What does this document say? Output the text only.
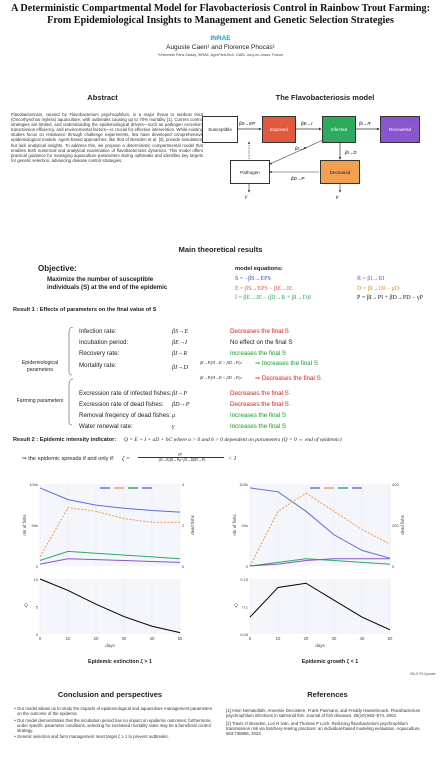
A Deterministic Compartmental Model for Flavobacteriosis Control in Rainbow Trout Farming:
From Epidemiological Insights to Management and Genetic Selection Strategies
INRAE
Auguste Caen¹ and Florence Phocas¹
¹Université Paris-Saclay, INRAE, AgroParisTech, GABI, Jouy-en-Josas, France
Abstract
Flavobacteriosis, caused by Flavobacterium psychrophilum, is a major threat to rainbow trout (Oncorhynchus mykiss) aquaculture, with outbreaks causing up to 70% mortality [1]. Current control strategies are limited, and understanding the epidemiological drivers—such as pathogen excretion, transmission efficiency, and environmental factors—is crucial for effective intervention. While existing studies focus on resistance through challenge experiments, few have developed comprehensive epidemiological models. Agent-based approaches, like that of Brenden et al. [2], provide simulations but lack analytical insights. To address this, we propose a deterministic compartmental model that enables both numerical and analytical examination of flavobacteriosis dynamics. This model offers practical guidance for managing aquaculture parameters during outbreaks and identifies key targets for genetic selection, advancing disease control strategies.
The Flavobacteriosis model
Susceptible	Exposed	Infected	Recovered
Pathogen	Deceased
βS→EP	βE→I	βI→R
βI→P
βI→D
βD→P
γ	μ
Main theoretical results
Objective:
Maximize the number of susceptible
individuals (S) at the end of the epidemic
model equations:
Ṡ = −βS→EPS
Ė = βS→EPS − βE→IE
İ = βE→IE − (βI→R + βI→D)I
Ṙ = βI→RI
Ḋ = βI→DI − μD
Ṗ = βI→PI + βD→PD − γP
Result 1 : Effects of parameters on the final value of S
Epidemiological parameters
Farming parameters
Infection rate:	βS→E	Decreases the final S
Incubation period:	βE→I	No effect on the final S
Recovery rate:	βI→R	Increases the final S
Mortality rate:	βI→D
βI→P/βI→R > βD→P/μ ⇒ Increases the final S
βI→P/βI→R < βD→P/μ ⇒ Decreases the final S
Excression rate of infected fishes: βI→P	Decreases the final S
Excression rate of dead fishes: βD→P	Decreases the final S
Removal freqency of dead fishes: μ	Increases the final S
Water renewal rate:	γ	Increases the final S
Result 2 : Epidemic intensity indicator: Q = E + I + aD + bC where a > 0 and b > 0 dependent on parameters (Q = 0 ⇔ end of epidemic)
⇒ the epidemic spreads if and only if: ζ =
γμ
βS→E(βI→Pμ+βI→DβD→P)	< 1
0	10	20	30	40	50
100k
50k
0
4
2
0
10
5
0
nbr of fishs	dead fishs
Q
days
0	10	20	30	40	50
100k
50k
0
400
200
0
0.15
0.1
0.05
nbr of fishs	dead fishs
Q
days
Epidemic extinction ζ > 1	Epidemic growth ζ < 1
Conclusion and perspectives
• Our model allows us to study the impacts of epidemiological and aquaculture management parameters on the outcome of the epidemic.
• Our model demonstrates that the incubation period has no impact on epidemic outcomes; furthermore, under specific parameter conditions, selecting for increased mortality rates may be a beneficial control strategy.
• Genetic selection and farm management must target ζ ≥ 1 to prevent outbreaks.
References
[1] Amin Nematollahi, Annemie Decostere, Frank Pasmans, and Freddy Haesebrouck. Flavobacterium psychrophilum infections in salmonid fish. Journal of fish diseases, 26(10):563–574, 2003.
[2] Travis O Brenden, Lori N Ivan, and Thomas P Loch. Reducing flavobacterium psychrophilum transmission risk via hatchery-rearing practices: an individual-based modeling evaluation. Aquaculture, 563:738868, 2023.
ISiLS FiLi/poster
